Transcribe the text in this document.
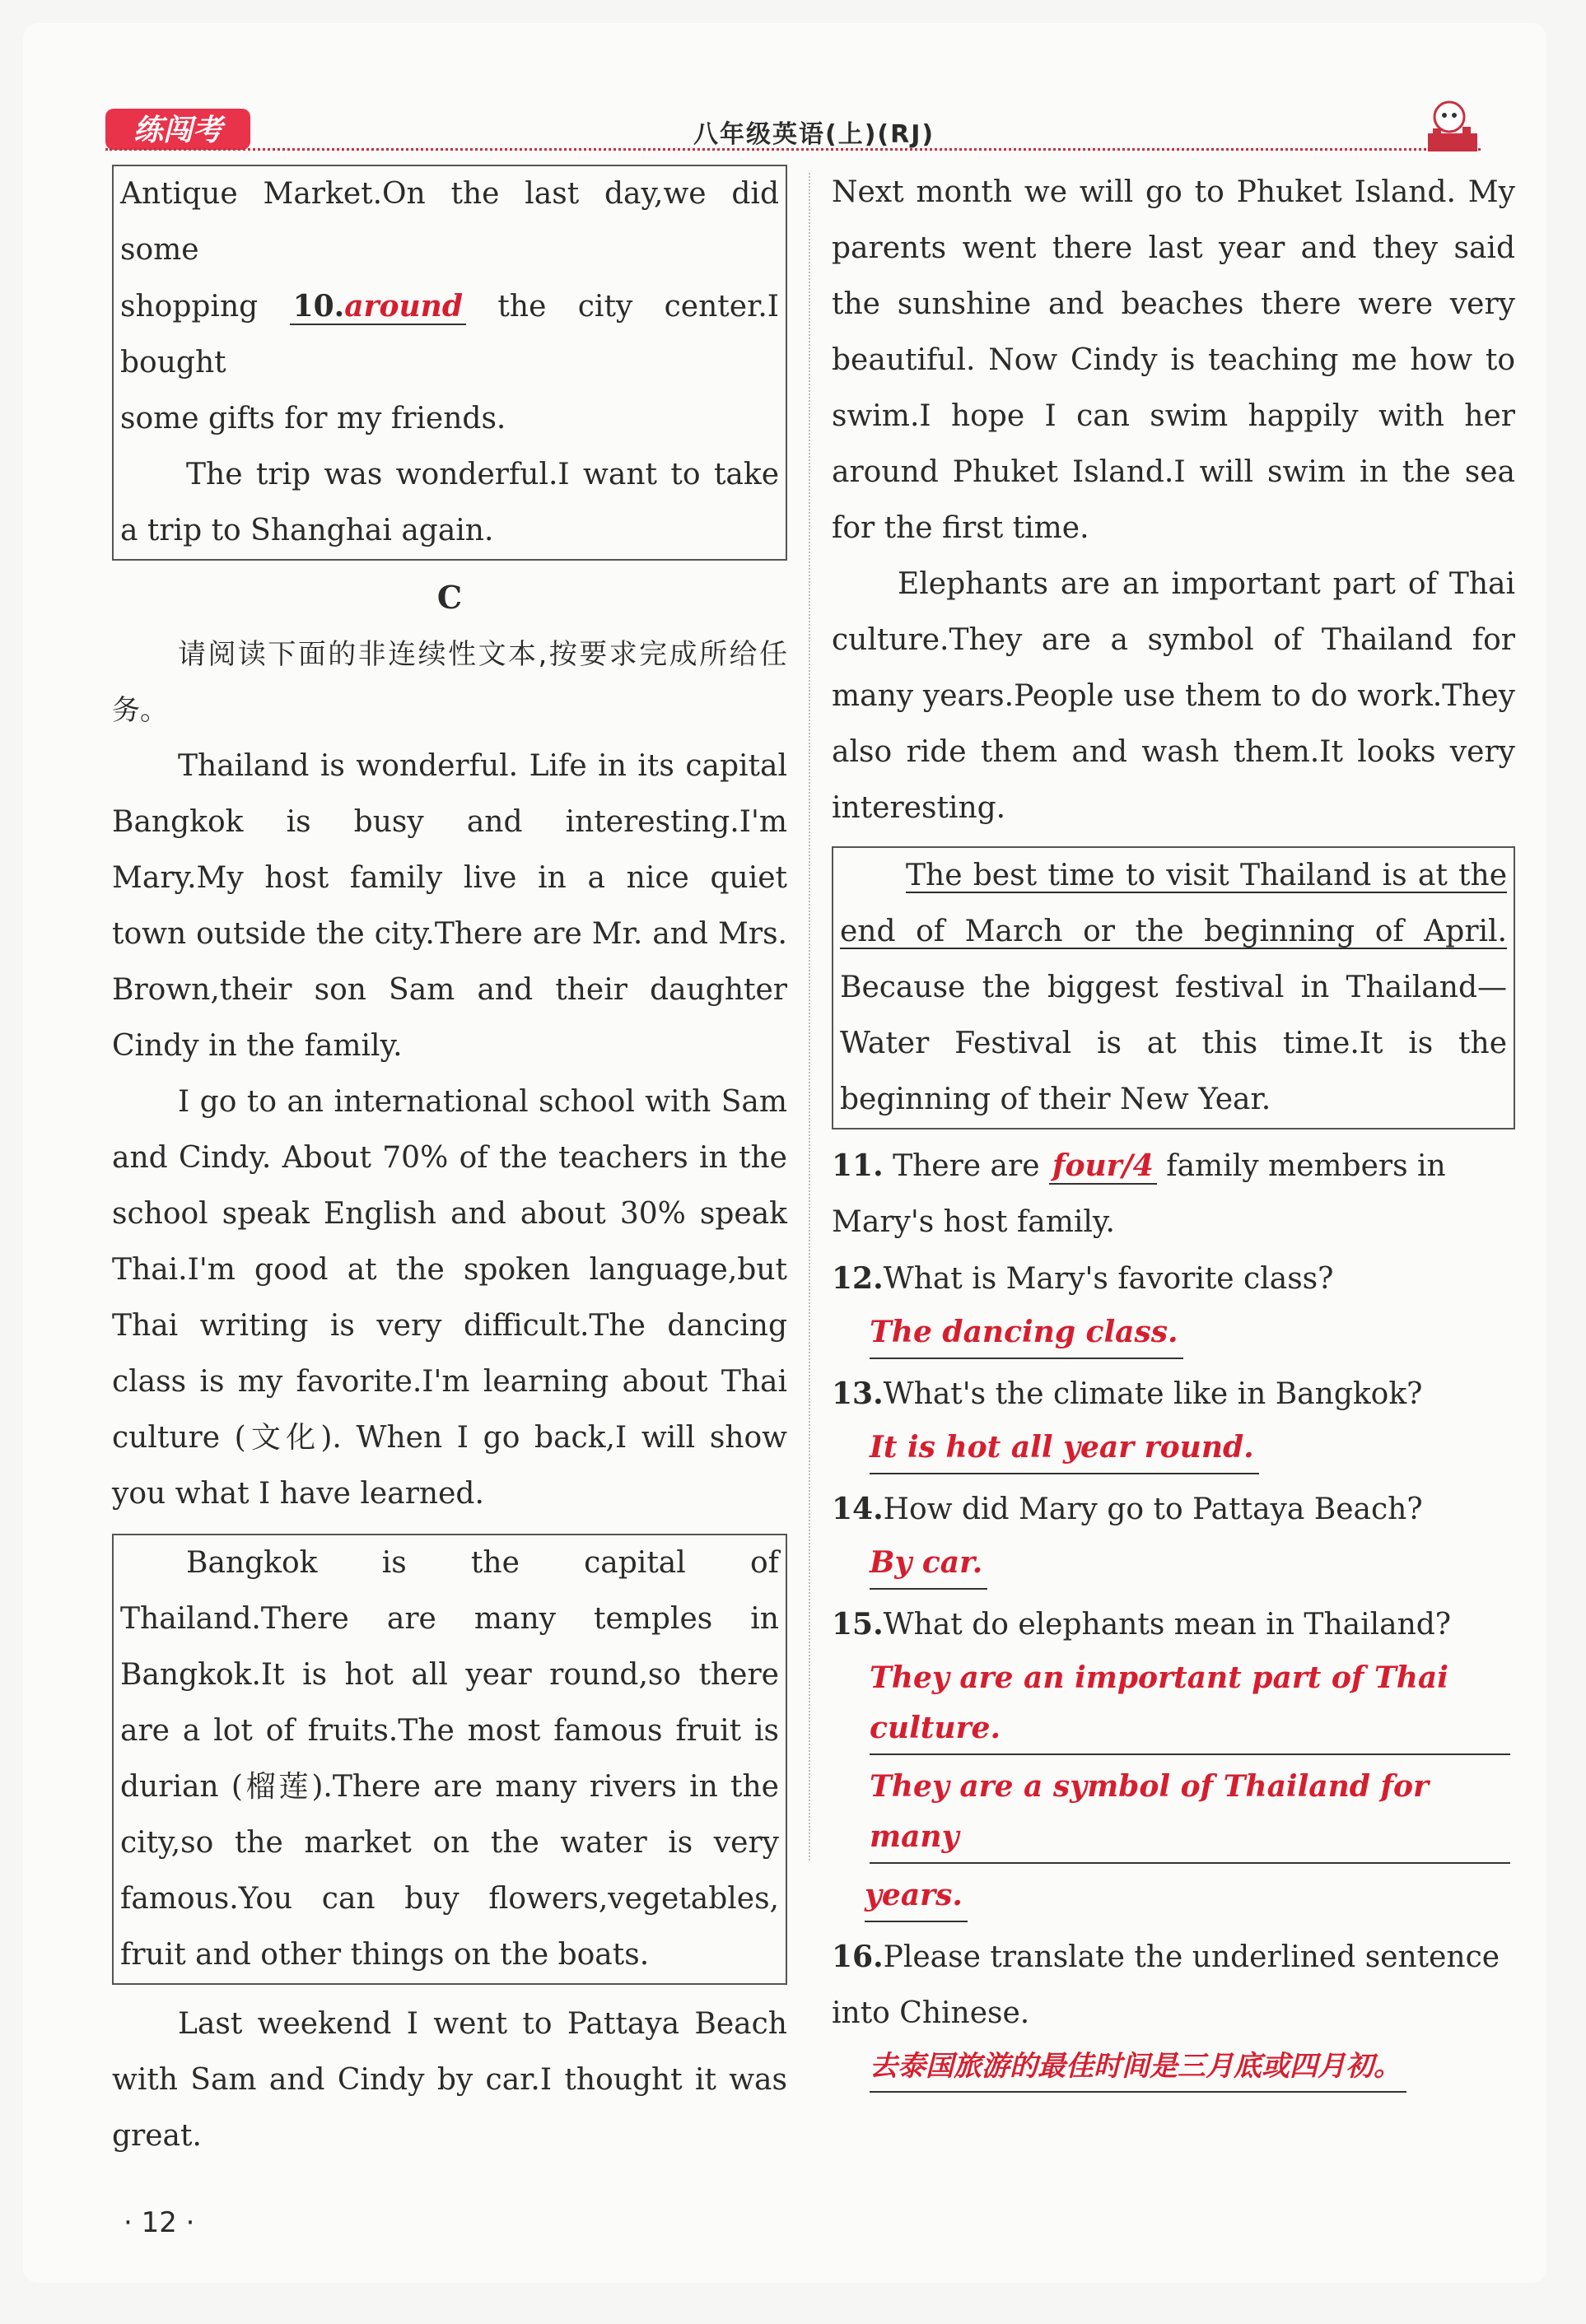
练闯考	八年级英语(上)(RJ)
Antique Market.On the last day,we did some
shopping 10.around the city center.I bought
some gifts for my friends.
The trip was wonderful.I want to take a trip to Shanghai again.
C
请阅读下面的非连续性文本,按要求完成所给任务。
Thailand is wonderful. Life in its capital Bangkok is busy and interesting.I'm Mary.My host family live in a nice quiet town outside the city.There are Mr. and Mrs. Brown,their son Sam and their daughter Cindy in the family.
I go to an international school with Sam and Cindy. About 70% of the teachers in the school speak English and about 30% speak Thai.I'm good at the spoken language,but Thai writing is very difficult.The dancing class is my favorite.I'm learning about Thai culture (文化). When I go back,I will show you what I have learned.
Bangkok is the capital of Thailand.There are many temples in Bangkok.It is hot all year round,so there are a lot of fruits.The most famous fruit is durian (榴莲).There are many rivers in the city,so the market on the water is very famous.You can buy flowers,vegetables, fruit and other things on the boats.
Last weekend I went to Pattaya Beach with Sam and Cindy by car.I thought it was great.
Next month we will go to Phuket Island. My parents went there last year and they said the sunshine and beaches there were very beautiful. Now Cindy is teaching me how to swim.I hope I can swim happily with her around Phuket Island.I will swim in the sea for the first time.
Elephants are an important part of Thai culture.They are a symbol of Thailand for many years.People use them to do work.They also ride them and wash them.It looks very interesting.
The best time to visit Thailand is at the end of March or the beginning of April. Because the biggest festival in Thailand—Water Festival is at this time.It is the beginning of their New Year.
11. There are four/4 family members in Mary's host family.
12.What is Mary's favorite class?
The dancing class.
13.What's the climate like in Bangkok?
It is hot all year round.
14.How did Mary go to Pattaya Beach?
By car.
15.What do elephants mean in Thailand?
They are an important part of Thai culture.
They are a symbol of Thailand for many
years.
16.Please translate the underlined sentence into Chinese.
去泰国旅游的最佳时间是三月底或四月初。
· 12 ·
